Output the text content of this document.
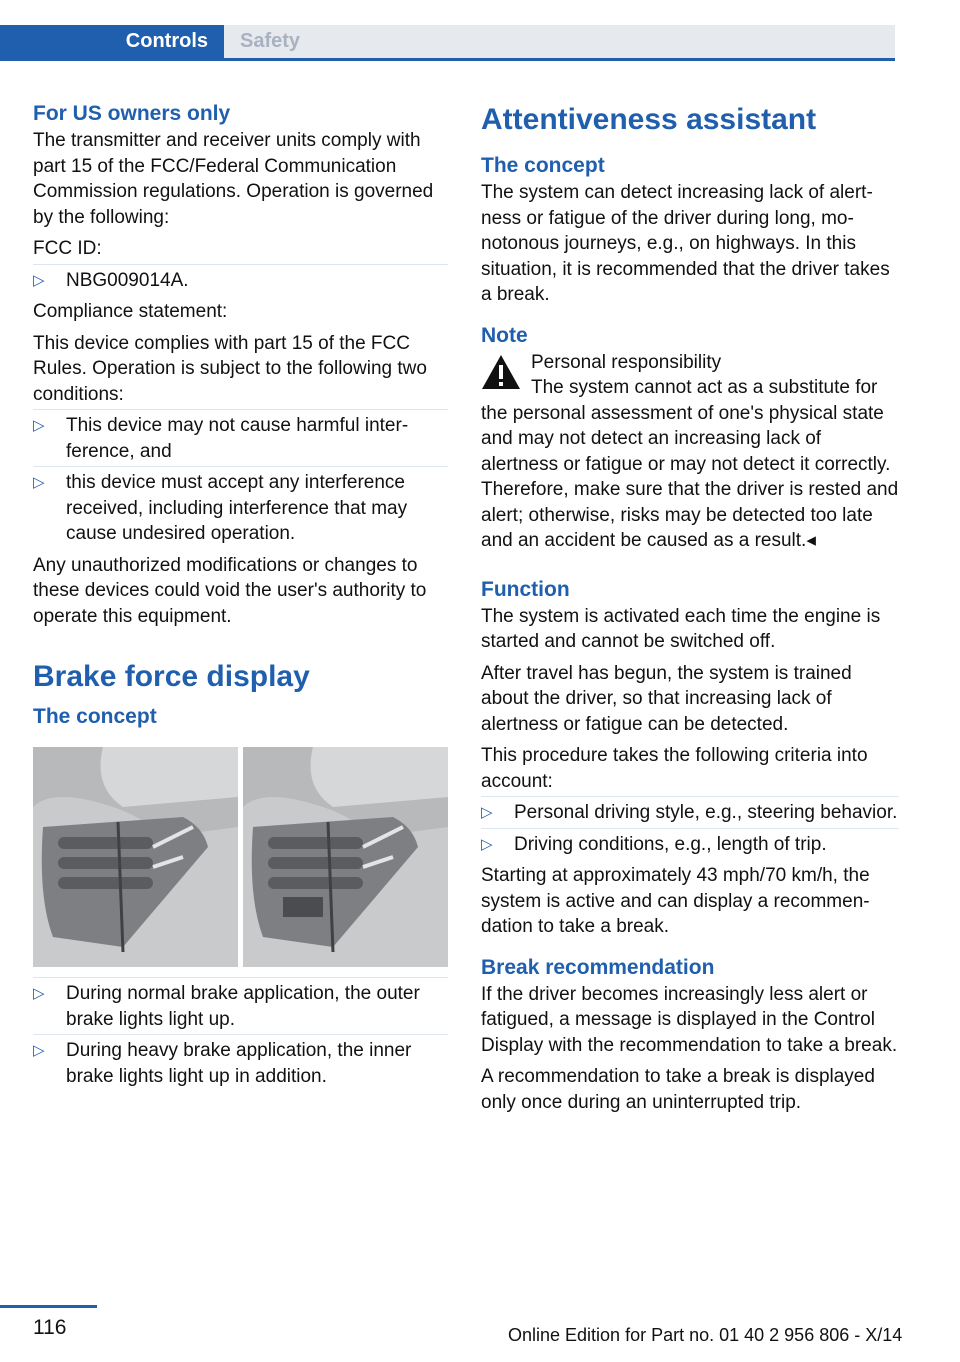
Controls	Safety
For US owners only

The transmitter and receiver units comply with part 15 of the FCC/Federal Communication Commission regulations. Operation is governed by the following:

FCC ID:

▷ NBG009014A.

Compliance statement:

This device complies with part 15 of the FCC Rules. Operation is subject to the following two conditions:

▷ This device may not cause harmful interference, and
▷ this device must accept any interference received, including interference that may cause undesired operation.

Any unauthorized modifications or changes to these devices could void the user's authority to operate this equipment.

Brake force display
The concept
▷ During normal brake application, the outer brake lights light up.
▷ During heavy brake application, the inner brake lights light up in addition.
Attentiveness assistant
The concept

The system can detect increasing lack of alertness or fatigue of the driver during long, monotonous journeys, e.g., on highways. In this situation, it is recommended that the driver takes a break.

Note

Personal responsibility

The system cannot act as a substitute for

the personal assessment of one's physical state and may not detect an increasing lack of alertness or fatigue or may not detect it correctly. Therefore, make sure that the driver is rested and alert; otherwise, risks may be detected too late and an accident be caused as a result.◂

Function

The system is activated each time the engine is started and cannot be switched off.

After travel has begun, the system is trained about the driver, so that increasing lack of alertness or fatigue can be detected.

This procedure takes the following criteria into account:

▷ Personal driving style, e.g., steering behavior.
▷ Driving conditions, e.g., length of trip.

Starting at approximately 43 mph/70 km/h, the system is active and can display a recommendation to take a break.

Break recommendation

If the driver becomes increasingly less alert or fatigued, a message is displayed in the Control Display with the recommendation to take a break.

A recommendation to take a break is displayed only once during an uninterrupted trip.

116	Online Edition for Part no. 01 40 2 956 806 - X/14
